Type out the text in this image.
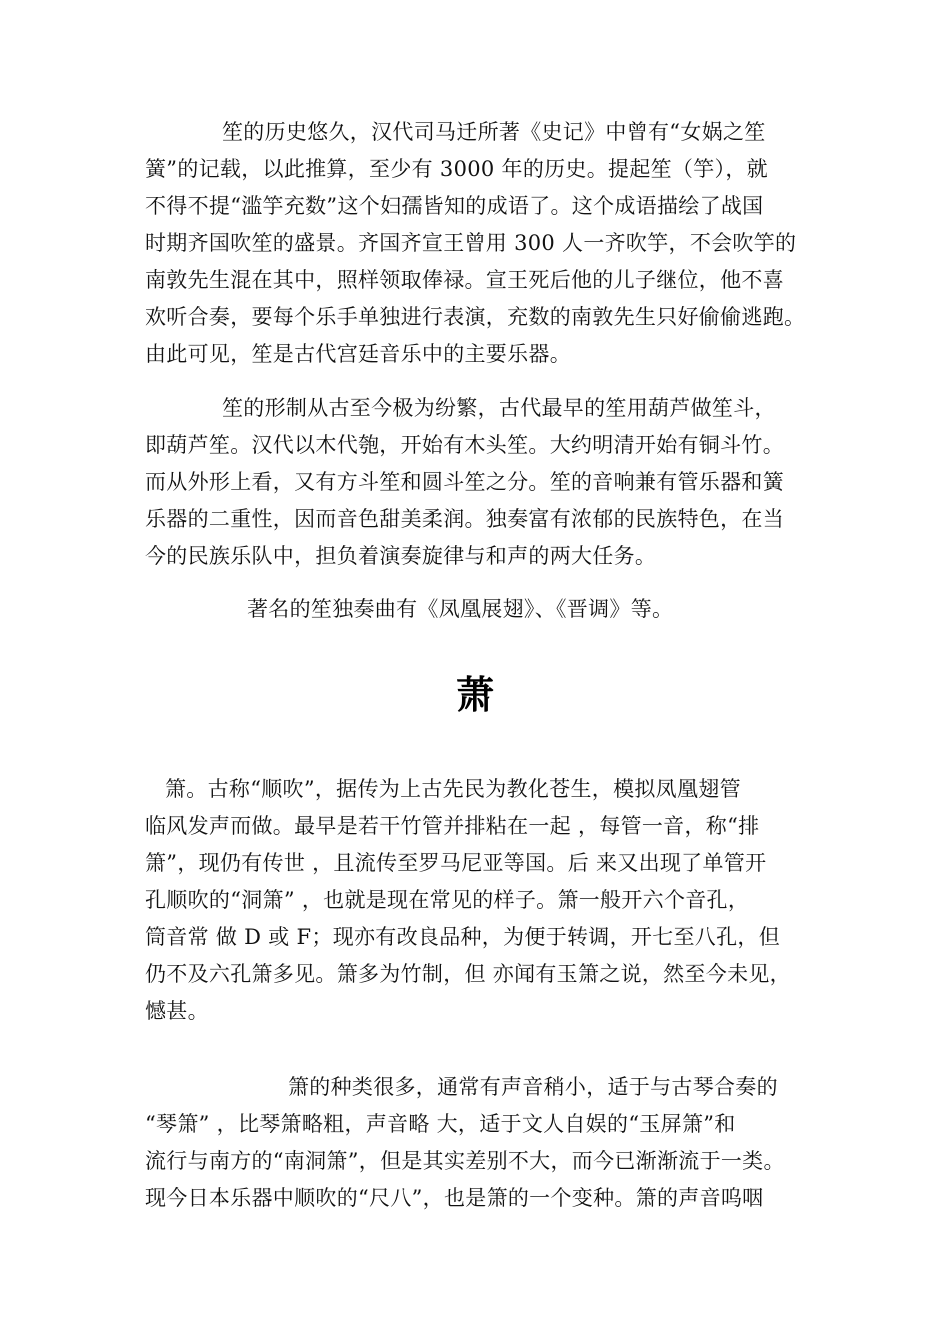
笙的历史悠久，汉代司马迁所著《史记》中曾有“女娲之笙
簧”的记载，以此推算，至少有 3000 年的历史。提起笙（竽），就
不得不提“滥竽充数”这个妇孺皆知的成语了。这个成语描绘了战国
时期齐国吹笙的盛景。齐国齐宣王曾用 300 人一齐吹竽，不会吹竽的
南敦先生混在其中，照样领取俸禄。宣王死后他的儿子继位，他不喜
欢听合奏，要每个乐手单独进行表演，充数的南敦先生只好偷偷逃跑。
由此可见，笙是古代宫廷音乐中的主要乐器。
笙的形制从古至今极为纷繁，古代最早的笙用葫芦做笙斗，
即葫芦笙。汉代以木代匏，开始有木头笙。大约明清开始有铜斗竹。
而从外形上看，又有方斗笙和圆斗笙之分。笙的音响兼有管乐器和簧
乐器的二重性，因而音色甜美柔润。独奏富有浓郁的民族特色，在当
今的民族乐队中，担负着演奏旋律与和声的两大任务。
著名的笙独奏曲有《凤凰展翅》、《晋调》等。
萧
箫。古称“顺吹”，据传为上古先民为教化苍生，模拟凤凰翅管
临风发声而做。最早是若干竹管并排粘在一起 ，每管一音，称“排
箫”，现仍有传世 ，且流传至罗马尼亚等国。后 来又出现了单管开
孔顺吹的“洞箫” ，也就是现在常见的样子。箫一般开六个音孔，
筒音常 做 D 或 F；现亦有改良品种，为便于转调，开七至八孔，但
仍不及六孔箫多见。箫多为竹制，但 亦闻有玉箫之说，然至今未见，
憾甚。
箫的种类很多，通常有声音稍小，适于与古琴合奏的
“琴箫” ，比琴箫略粗，声音略 大，适于文人自娱的“玉屏箫”和
流行与南方的“南洞箫”，但是其实差别不大，而今已渐渐流于一类。
现今日本乐器中顺吹的“尺八”，也是箫的一个变种。箫的声音呜咽
